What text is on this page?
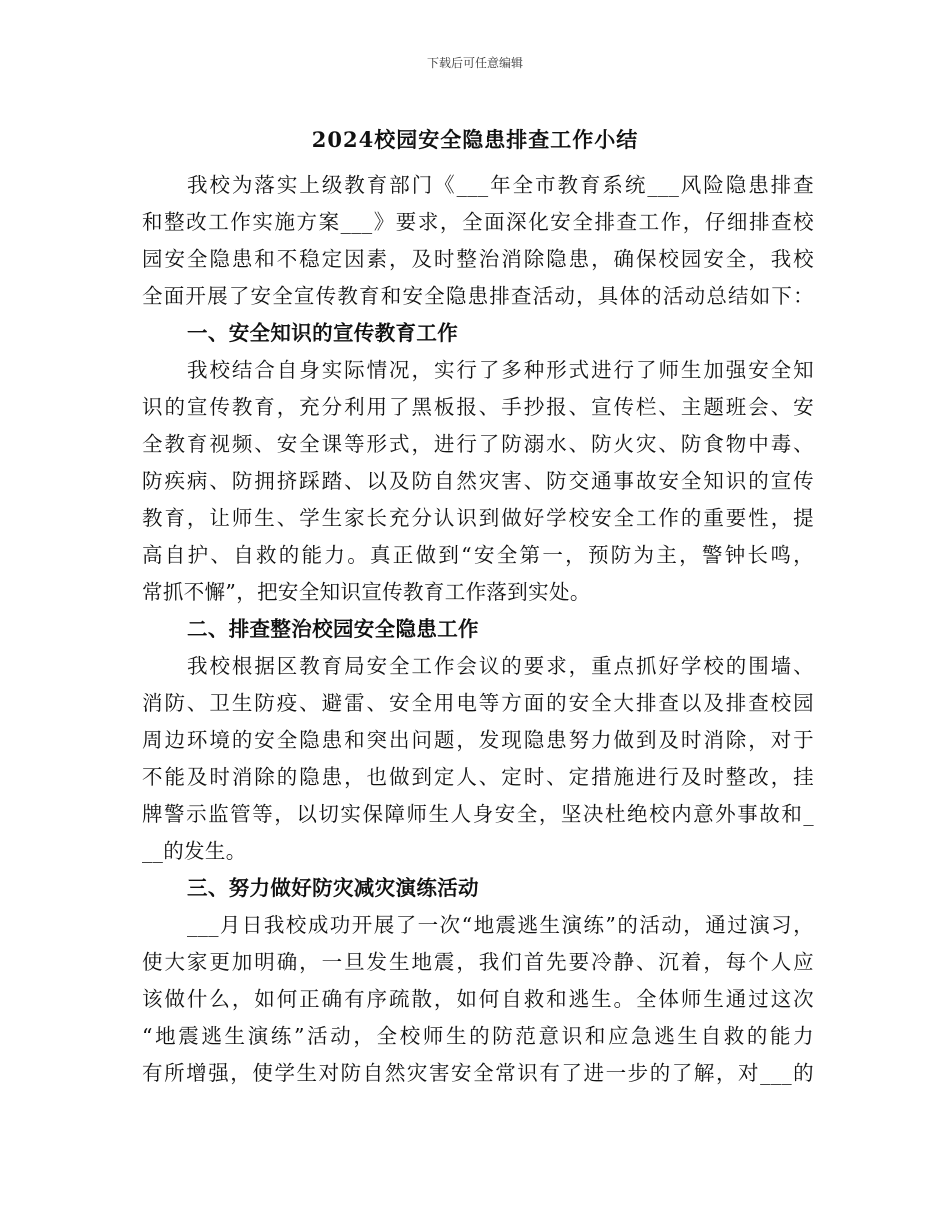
下载后可任意编辑
2024校园安全隐患排查工作小结
我校为落实上级教育部门《___年全市教育系统___风险隐患排查
和整改工作实施方案___》要求，全面深化安全排查工作，仔细排查校
园安全隐患和不稳定因素，及时整治消除隐患，确保校园安全，我校
全面开展了安全宣传教育和安全隐患排查活动，具体的活动总结如下：
一、安全知识的宣传教育工作
我校结合自身实际情况，实行了多种形式进行了师生加强安全知
识的宣传教育，充分利用了黑板报、手抄报、宣传栏、主题班会、安
全教育视频、安全课等形式，进行了防溺水、防火灾、防食物中毒、
防疾病、防拥挤踩踏、以及防自然灾害、防交通事故安全知识的宣传
教育，让师生、学生家长充分认识到做好学校安全工作的重要性，提
高自护、自救的能力。真正做到“安全第一，预防为主，警钟长鸣，
常抓不懈”，把安全知识宣传教育工作落到实处。
二、排查整治校园安全隐患工作
我校根据区教育局安全工作会议的要求，重点抓好学校的围墙、
消防、卫生防疫、避雷、安全用电等方面的安全大排查以及排查校园
周边环境的安全隐患和突出问题，发现隐患努力做到及时消除，对于
不能及时消除的隐患，也做到定人、定时、定措施进行及时整改，挂
牌警示监管等，以切实保障师生人身安全，坚决杜绝校内意外事故和_
__的发生。
三、努力做好防灾减灾演练活动
___月日我校成功开展了一次“地震逃生演练”的活动，通过演习，
使大家更加明确，一旦发生地震，我们首先要冷静、沉着，每个人应
该做什么，如何正确有序疏散，如何自救和逃生。全体师生通过这次
“地震逃生演练”活动，全校师生的防范意识和应急逃生自救的能力
有所增强，使学生对防自然灾害安全常识有了进一步的了解，对___的
